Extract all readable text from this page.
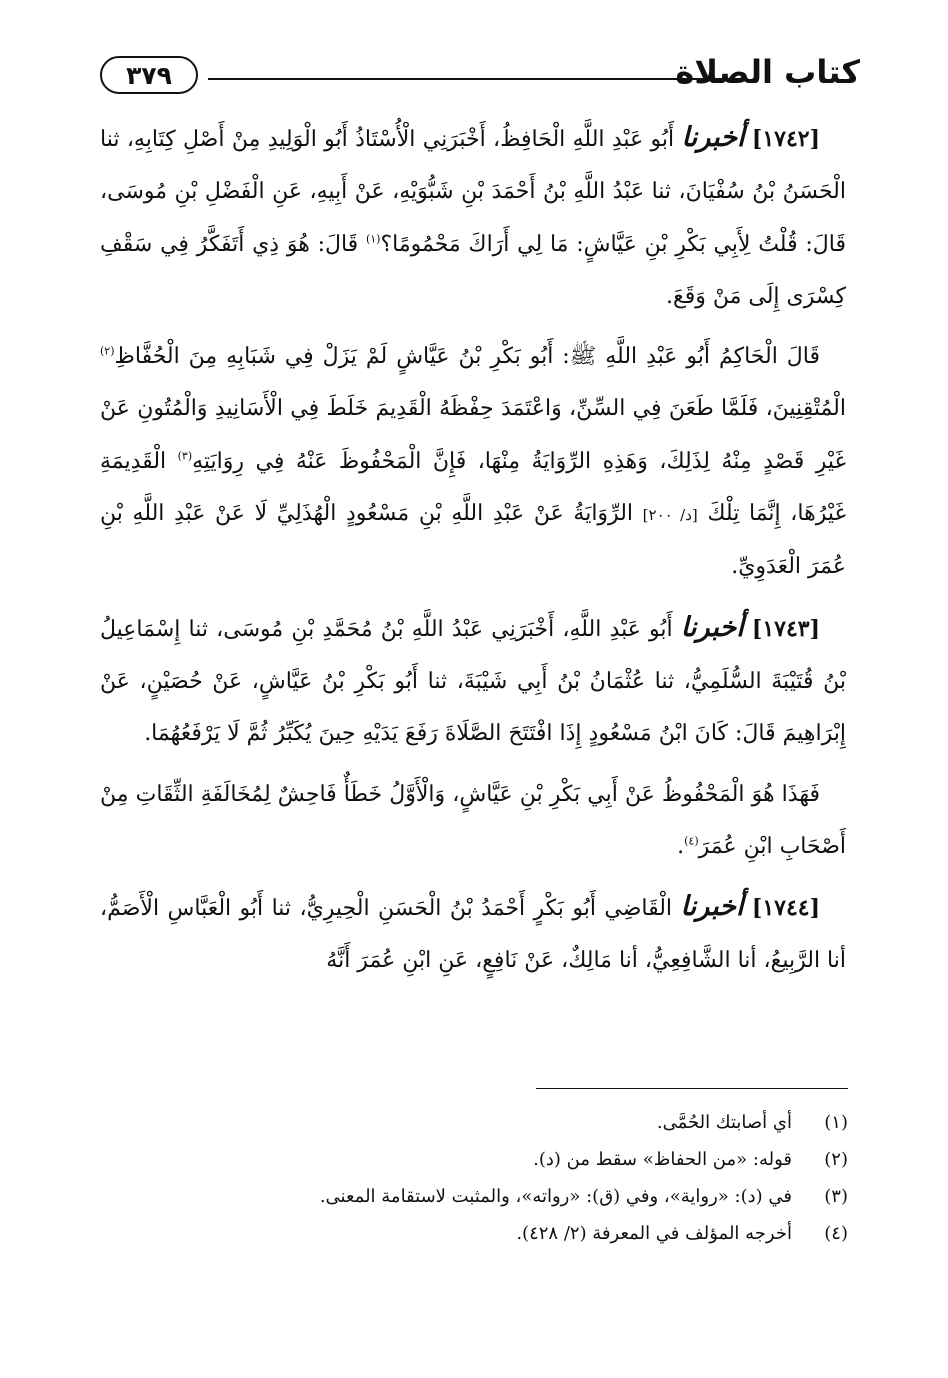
كتاب الصلاة
٣٧٩

[١٧٤٢] أخبرنا أَبُو عَبْدِ اللَّهِ الْحَافِظُ، أَخْبَرَنِي الْأُسْتَاذُ أَبُو الْوَلِيدِ مِنْ أَصْلِ كِتَابِهِ، ثنا الْحَسَنُ بْنُ سُفْيَانَ، ثنا عَبْدُ اللَّهِ بْنُ أَحْمَدَ بْنِ شَبُّوَيْهِ، عَنْ أَبِيهِ، عَنِ الْفَضْلِ بْنِ مُوسَى، قَالَ: قُلْتُ لِأَبِي بَكْرِ بْنِ عَيَّاشٍ: مَا لِي أَرَاكَ مَحْمُومًا؟$^{(١)}$ قَالَ: هُوَ ذِي أَتَفَكَّرُ فِي سَقْفِ كِسْرَى إِلَى مَنْ وَقَعَ.

قَالَ الْحَاكِمُ أَبُو عَبْدِ اللَّهِ ﷺ: أَبُو بَكْرِ بْنُ عَيَّاشٍ لَمْ يَزَلْ فِي شَبَابِهِ مِنَ الْحُفَّاظِ$^{(٢)}$ الْمُتْقِنِينَ، فَلَمَّا طَعَنَ فِي السِّنِّ، وَاعْتَمَدَ حِفْظَهُ الْقَدِيمَ خَلَطَ فِي الْأَسَانِيدِ وَالْمُتُونِ عَنْ غَيْرِ قَصْدٍ مِنْهُ لِذَلِكَ، وَهَذِهِ الرِّوَايَةُ مِنْهَا، فَإِنَّ الْمَحْفُوظَ عَنْهُ فِي رِوَايَتِهِ$^{(٣)}$ الْقَدِيمَةِ غَيْرُهَا، إِنَّمَا تِلْكَ [د/ ٢٠٠] الرِّوَايَةُ عَنْ عَبْدِ اللَّهِ بْنِ مَسْعُودٍ الْهُذَلِيِّ لَا عَنْ عَبْدِ اللَّهِ بْنِ عُمَرَ الْعَدَوِيِّ.

[١٧٤٣] أخبرنا أَبُو عَبْدِ اللَّهِ، أَخْبَرَنِي عَبْدُ اللَّهِ بْنُ مُحَمَّدِ بْنِ مُوسَى، ثنا إِسْمَاعِيلُ بْنُ قُتَيْبَةَ السُّلَمِيُّ، ثنا عُثْمَانُ بْنُ أَبِي شَيْبَةَ، ثنا أَبُو بَكْرِ بْنُ عَيَّاشٍ، عَنْ حُصَيْنٍ، عَنْ إِبْرَاهِيمَ قَالَ: كَانَ ابْنُ مَسْعُودٍ إِذَا افْتَتَحَ الصَّلَاةَ رَفَعَ يَدَيْهِ حِينَ يُكَبِّرُ ثُمَّ لَا يَرْفَعُهُمَا.

فَهَذَا هُوَ الْمَحْفُوظُ عَنْ أَبِي بَكْرِ بْنِ عَيَّاشٍ، وَالْأَوَّلُ خَطَأٌ فَاحِشٌ لِمُخَالَفَةِ الثِّقَاتِ مِنْ أَصْحَابِ ابْنِ عُمَرَ$^{(٤)}$.

[١٧٤٤] أخبرنا الْقَاضِي أَبُو بَكْرٍ أَحْمَدُ بْنُ الْحَسَنِ الْحِيرِيُّ، ثنا أَبُو الْعَبَّاسِ الْأَصَمُّ، أنا الرَّبِيعُ، أنا الشَّافِعِيُّ، أنا مَالِكٌ، عَنْ نَافِعٍ، عَنِ ابْنِ عُمَرَ أَنَّهُ

(١)
أي أصابتك الحُمَّى.
(٢)
قوله: «من الحفاظ» سقط من (د).
(٣)
في (د): «رواية»، وفي (ق): «رواته»، والمثبت لاستقامة المعنى.
(٤)
أخرجه المؤلف في المعرفة (٢/ ٤٢٨).
